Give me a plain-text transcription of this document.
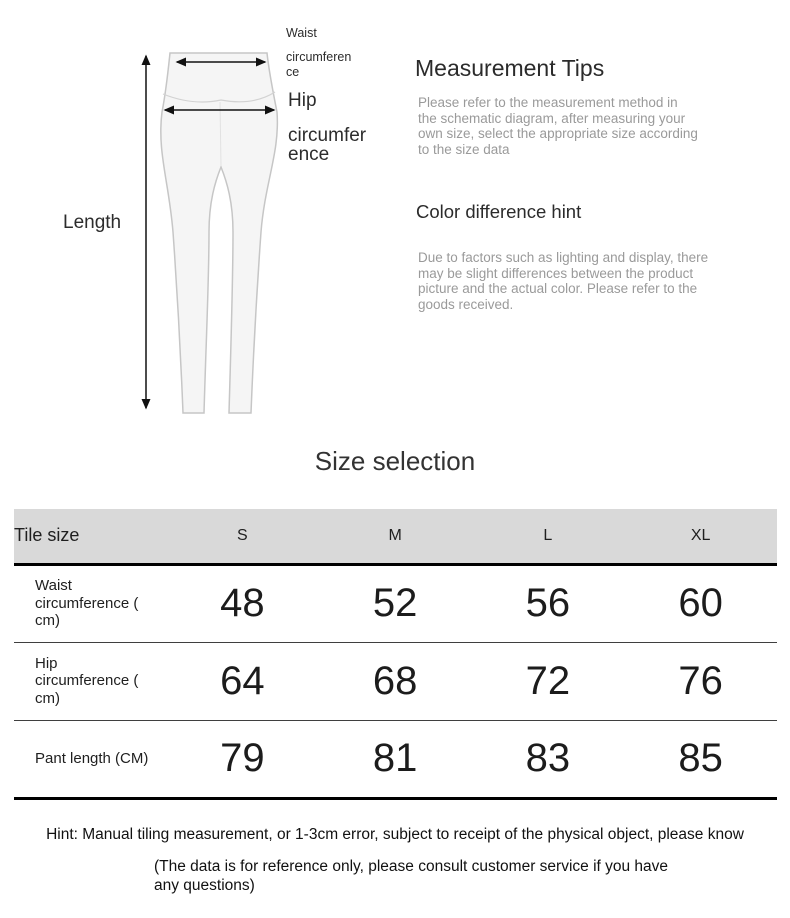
Waist
circumferen
ce
Hip
circumfer
ence
Length
Measurement Tips
Please refer to the measurement method in
the schematic diagram, after measuring your
own size, select the appropriate size according
to the size data
Color difference hint
Due to factors such as lighting and display, there
may be slight differences between the product
picture and the actual color. Please refer to the
goods received.
Size selection
Tile size	S	M	L	XL

Waist circumference ( cm)	48	52	56	60

Hip circumference ( cm)	64	68	72	76

Pant length (CM)	79	81	83	85
Hint: Manual tiling measurement, or 1-3cm error, subject to receipt of the physical object, please know
(The data is for reference only, please consult customer service if you have
any questions)
